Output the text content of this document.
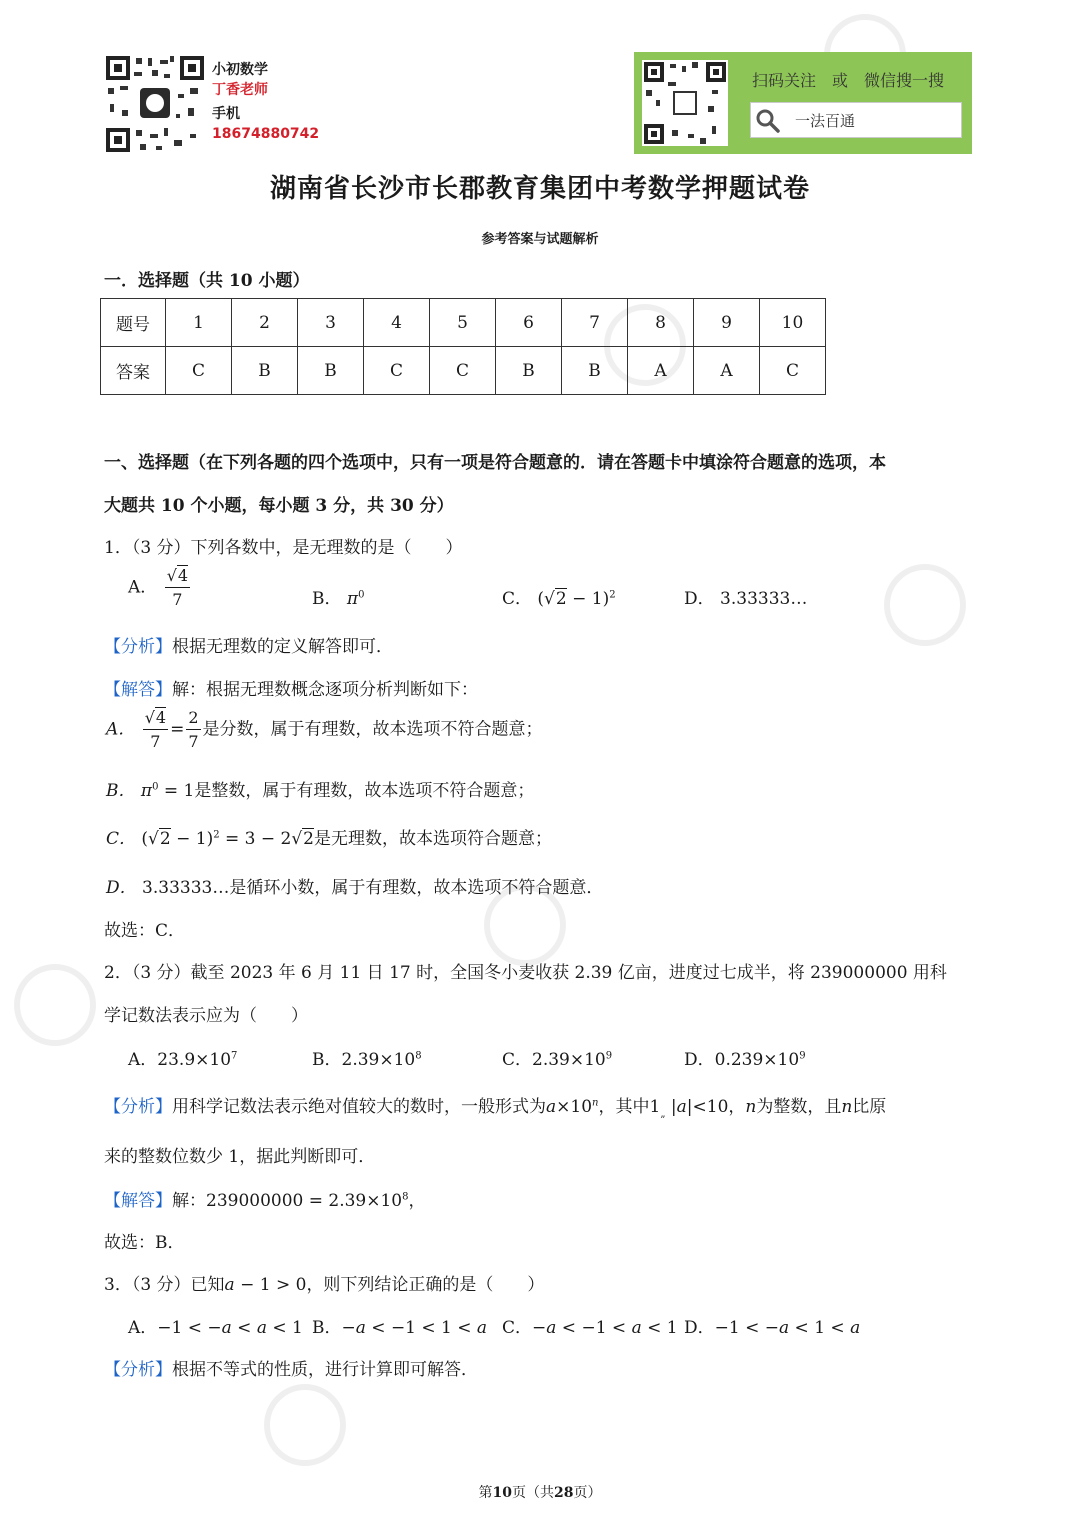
小初数学
丁香老师
手机
18674880742
扫码关注　或　微信搜一搜
一法百通
湖南省长沙市长郡教育集团中考数学押题试卷
参考答案与试题解析
一．选择题（共 10 小题）
题号	1	2	3	4	5	6	7	8	9	10
答案	C	B	B	C	C	B	B	A	A	C
一、选择题（在下列各题的四个选项中，只有一项是符合题意的．请在答题卡中填涂符合题意的选项，本
大题共 10 个小题，每小题 3 分，共 30 分）
1．（3 分）下列各数中，是无理数的是（　　）
A． $\frac{√4}{7}$	B． $\pi^0$	C． $(√2 - 1)^2$	D． 3.33333…
【分析】根据无理数的定义解答即可．
【解答】解：根据无理数概念逐项分析判断如下：
A． $\frac{√4}{7} = \frac{2}{7}$ 是分数，属于有理数，故本选项不符合题意；
B． $\pi^0 = 1$是整数，属于有理数，故本选项不符合题意；
C． $(√2 - 1)^2 = 3 - 2√2$是无理数，故本选项符合题意；
D． 3.33333…是循环小数，属于有理数，故本选项不符合题意．
故选：C．
2．（3 分）截至 2023 年 6 月 11 日 17 时，全国冬小麦收获 2.39 亿亩，进度过七成半，将 239000000 用科
学记数法表示应为（　　）
A．$23.9\times 10^7$	B．$2.39\times 10^8$	C．$2.39\times 10^9$	D．$0.239\times 10^9$
【分析】用科学记数法表示绝对值较大的数时，一般形式为$a\times 10^n$，其中$1_„$ |a|<10，n为整数，且n比原
来的整数位数少 1，据此判断即可．
【解答】解：$239000000 = 2.39\times 10^8$，
故选：B．
3．（3 分）已知a − 1 > 0，则下列结论正确的是（　　）
A．−1 < −a < a < 1 B．−a < −1 < 1 < a C．−a < −1 < a < 1 D．−1 < −a < 1 < a
【分析】根据不等式的性质，进行计算即可解答．
第10页（共28页）
